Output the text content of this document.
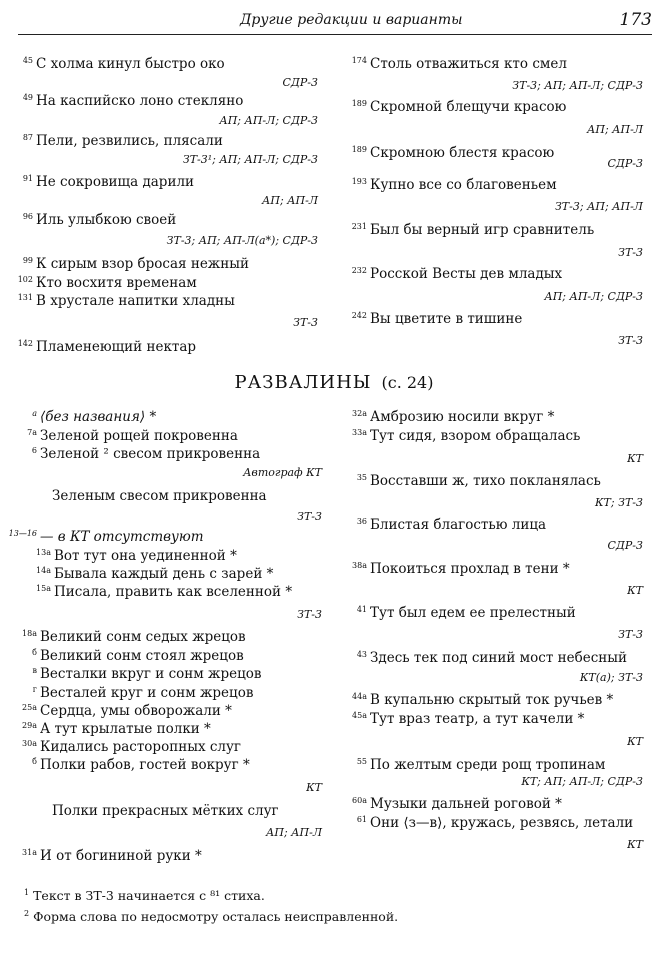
Другие редакции и варианты	173
45 С холма кинул быстро око
СДР-3
49 На каспийско лоно стекляно
АП; АП-Л; СДР-3
87 Пели, резвились, плясали
ЗТ-3¹; АП; АП-Л; СДР-3
91 Не сокровища дарили
АП; АП-Л
96 Иль улыбкою своей
ЗТ-3; АП; АП-Л(а*); СДР-3
99 К сирым взор бросая нежный
102 Кто восхитя временам
131 В хрустале напитки хладны
ЗТ-3
142 Пламенеющий нектар
174 Столь отважиться кто смел
ЗТ-3; АП; АП-Л; СДР-3
189 Скромной блещучи красою
АП; АП-Л
189 Скромною блестя красою
СДР-3
193 Купно все со благовеньем
ЗТ-3; АП; АП-Л
231 Был бы верный игр сравнитель
ЗТ-3
232 Росской Весты дев младых
АП; АП-Л; СДР-3
242 Вы цветите в тишине
ЗТ-3
РАЗВАЛИНЫ (с. 24)
a ⟨без названия⟩ *
7а Зеленой рощей покровенна
6 Зеленой ² свесом прикровенна
Автограф КТ
Зеленым свесом прикровенна
ЗТ-3
13—16 — в КТ отсутствуют
13а Вот тут она уединенной *
14а Бывала каждый день с зарей *
15а Писала, править как вселенной *
ЗТ-3
18а Великий сонм седых жрецов
б Великий сонм стоял жрецов
в Весталки вкруг и сонм жрецов
г Весталей круг и сонм жрецов
25а Сердца, умы обворожали *
29а А тут крылатые полки *
30а Кидались расторопных слуг
б Полки рабов, гостей вокруг *
КТ
Полки прекрасных мётких слуг
АП; АП-Л
31а И от богининой руки *
32а Амброзию носили вкруг *
33а Тут сидя, взором обращалась
КТ
35 Восставши ж, тихо покланялась
КТ; ЗТ-3
36 Блистая благостью лица
СДР-3
38а Покоиться прохлад в тени *
КТ
41 Тут был едем ее прелестный
ЗТ-3
43 Здесь тек под синий мост небесный
КТ(а); ЗТ-3
44а В купальню скрытый ток ручьев *
45а Тут враз театр, а тут качели *
КТ
55 По желтым среди рощ тропинам
КТ; АП; АП-Л; СДР-3
60а Музыки дальней роговой *
61 Они ⟨з—в⟩, кружась, резвясь, летали
КТ
$^1$ Текст в ЗТ-3 начинается с ⁸¹ стиха.
$^2$ Форма слова по недосмотру осталась неисправленной.
